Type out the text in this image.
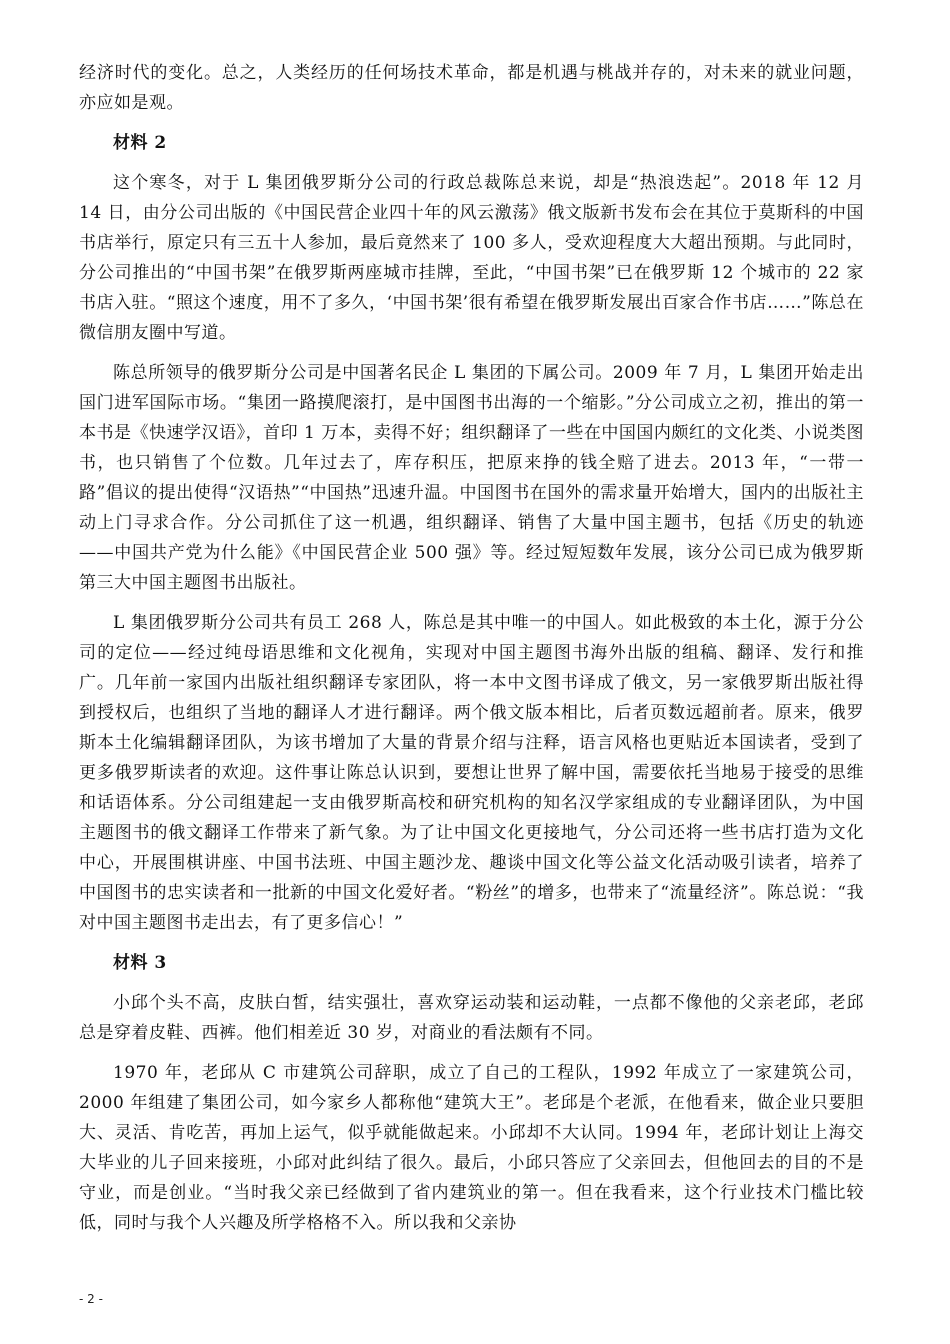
经济时代的变化。总之，人类经历的任何场技术革命，都是机遇与桃战并存的，对未来的就业问题，亦应如是观。

材料 2

这个寒冬，对于 L 集团俄罗斯分公司的行政总裁陈总来说，却是“热浪迭起”。2018 年 12 月 14 日，由分公司出版的《中国民营企业四十年的风云激荡》俄文版新书发布会在其位于莫斯科的中国书店举行，原定只有三五十人参加，最后竟然来了 100 多人，受欢迎程度大大超出预期。与此同时，分公司推出的“中国书架”在俄罗斯两座城市挂牌，至此，“中国书架”已在俄罗斯 12 个城市的 22 家书店入驻。“照这个速度，用不了多久，‘中国书架’很有希望在俄罗斯发展出百家合作书店……”陈总在微信朋友圈中写道。

陈总所领导的俄罗斯分公司是中国著名民企 L 集团的下属公司。2009 年 7 月，L 集团开始走出国门进军国际市场。“集团一路摸爬滚打，是中国图书出海的一个缩影。”分公司成立之初，推出的第一本书是《快速学汉语》，首印 1 万本，卖得不好；组织翻译了一些在中国国内颇红的文化类、小说类图书，也只销售了个位数。几年过去了，库存积压，把原来挣的钱全赔了进去。2013 年，“一带一路”倡议的提出使得“汉语热”“中国热”迅速升温。中国图书在国外的需求量开始增大，国内的出版社主动上门寻求合作。分公司抓住了这一机遇，组织翻译、销售了大量中国主题书，包括《历史的轨迹——中国共产党为什么能》《中国民营企业 500 强》等。经过短短数年发展，该分公司已成为俄罗斯第三大中国主题图书出版社。

L 集团俄罗斯分公司共有员工 268 人，陈总是其中唯一的中国人。如此极致的本土化，源于分公司的定位——经过纯母语思维和文化视角，实现对中国主题图书海外出版的组稿、翻译、发行和推广。几年前一家国内出版社组织翻译专家团队，将一本中文图书译成了俄文，另一家俄罗斯出版社得到授权后，也组织了当地的翻译人才进行翻译。两个俄文版本相比，后者页数远超前者。原来，俄罗斯本土化编辑翻译团队，为该书增加了大量的背景介绍与注释，语言风格也更贴近本国读者，受到了更多俄罗斯读者的欢迎。这件事让陈总认识到，要想让世界了解中国，需要依托当地易于接受的思维和话语体系。分公司组建起一支由俄罗斯高校和研究机构的知名汉学家组成的专业翻译团队，为中国主题图书的俄文翻译工作带来了新气象。为了让中国文化更接地气，分公司还将一些书店打造为文化中心，开展围棋讲座、中国书法班、中国主题沙龙、趣谈中国文化等公益文化活动吸引读者，培养了中国图书的忠实读者和一批新的中国文化爱好者。“粉丝”的增多，也带来了“流量经济”。陈总说：“我对中国主题图书走出去，有了更多信心！”

材料 3

小邱个头不高，皮肤白皙，结实强壮，喜欢穿运动装和运动鞋，一点都不像他的父亲老邱，老邱总是穿着皮鞋、西裤。他们相差近 30 岁，对商业的看法颇有不同。

1970 年，老邱从 C 市建筑公司辞职，成立了自己的工程队，1992 年成立了一家建筑公司，2000 年组建了集团公司，如今家乡人都称他“建筑大王”。老邱是个老派，在他看来，做企业只要胆大、灵活、肯吃苦，再加上运气，似乎就能做起来。小邱却不大认同。1994 年，老邱计划让上海交大毕业的儿子回来接班，小邱对此纠结了很久。最后，小邱只答应了父亲回去，但他回去的目的不是守业，而是创业。“当时我父亲已经做到了省内建筑业的第一。但在我看来，这个行业技术门槛比较低，同时与我个人兴趣及所学格格不入。所以我和父亲协

- 2 -
